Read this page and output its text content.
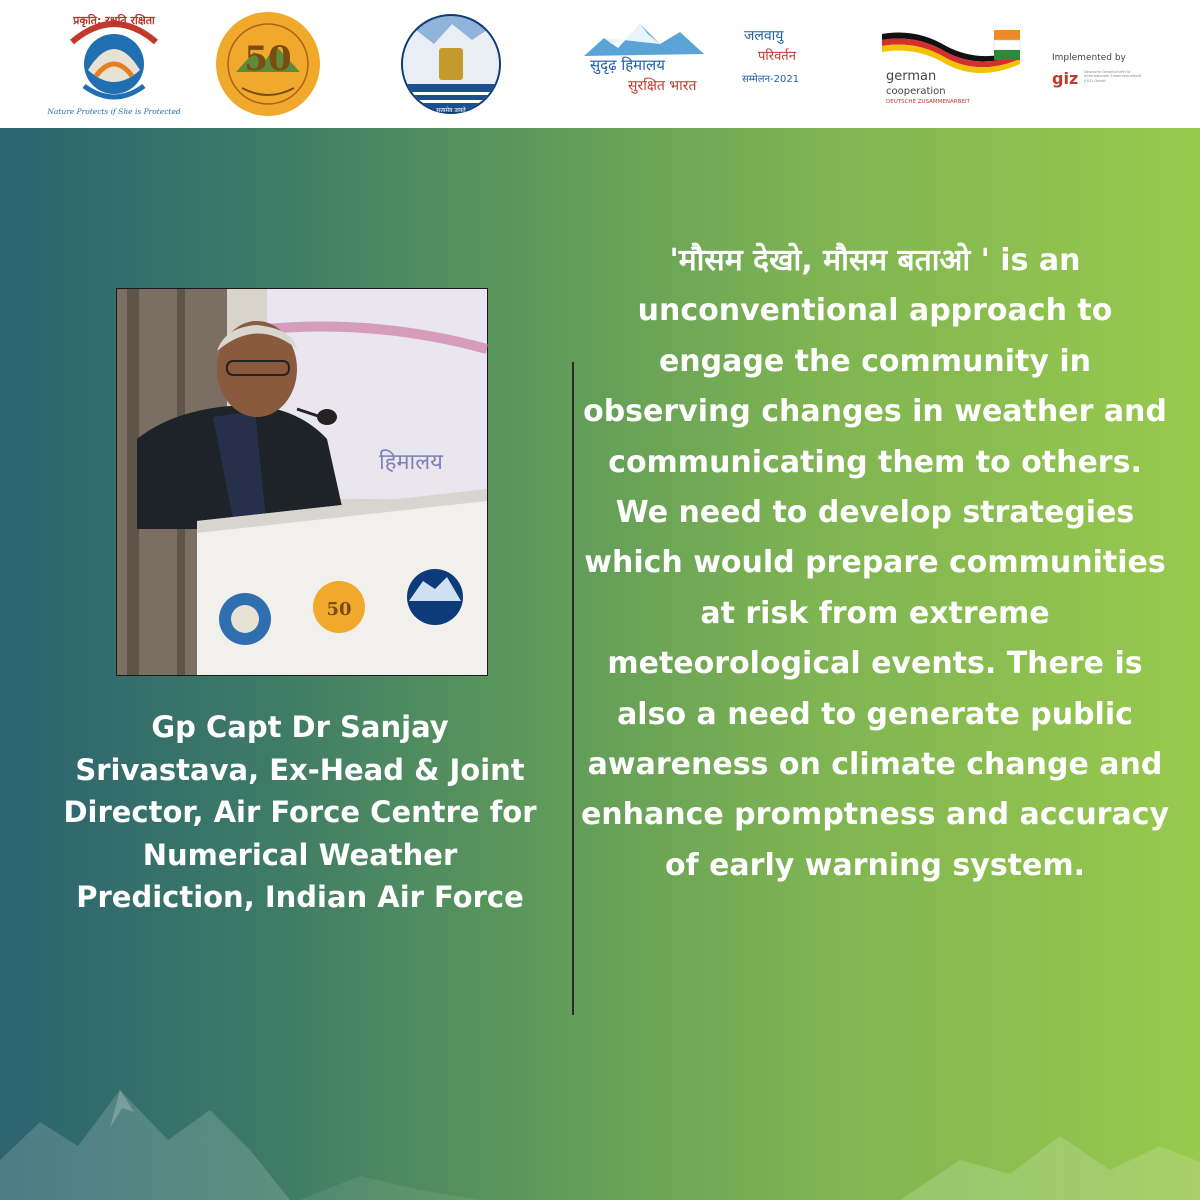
प्रकृति: रक्षति रक्षिता
Nature Protects if She is Protected
50
सत्यमेव जयते
सुदृढ़ हिमालय
सुरक्षित भारत
जलवायु
परिवर्तन
सम्मेलन-2021	german
cooperation
DEUTSCHE ZUSAMMENARBEIT
Implemented by
giz Deutsche Gesellschaft für Internationale Zusammenarbeit (GIZ) GmbH
हिमालय
50
Gp Capt Dr Sanjay Srivastava, Ex-Head & Joint Director, Air Force Centre for Numerical Weather Prediction, Indian Air Force

'मौसम देखो, मौसम बताओ ' is an unconventional approach to engage the community in observing changes in weather and communicating them to others.

We need to develop strategies which would prepare communities at risk from extreme meteorological events. There is also a need to generate public awareness on climate change and enhance promptness and accuracy of early warning system.
